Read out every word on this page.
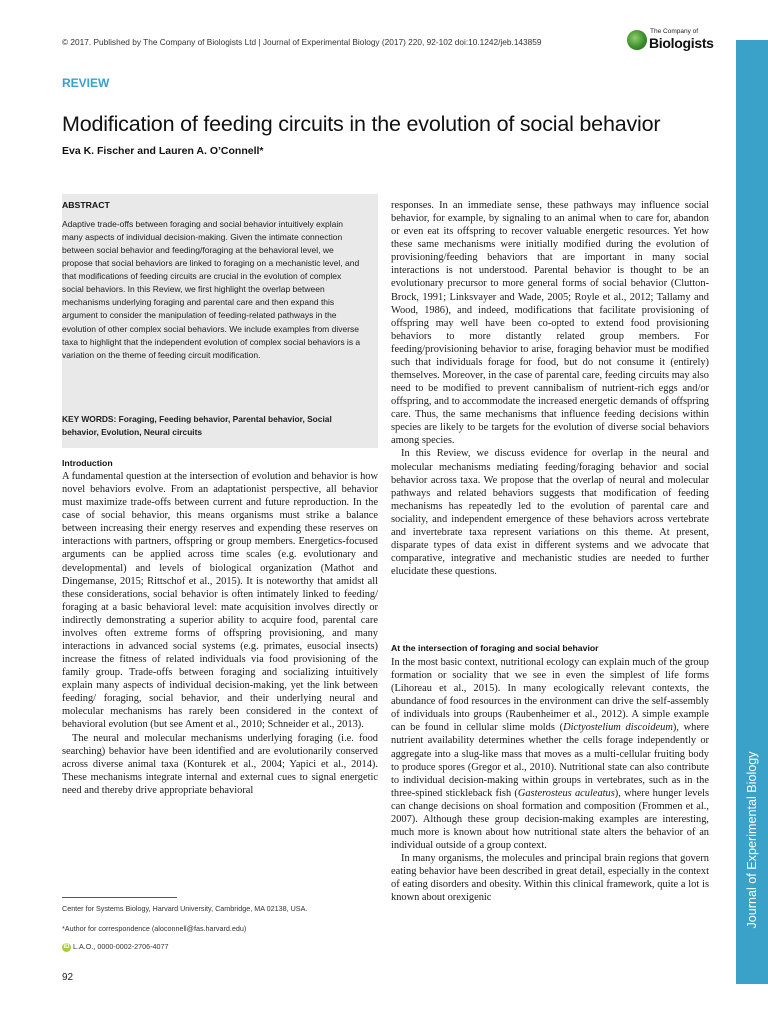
© 2017. Published by The Company of Biologists Ltd | Journal of Experimental Biology (2017) 220, 92-102 doi:10.1242/jeb.143859
The Company of
Biologists
Journal of Experimental Biology
REVIEW
Modification of feeding circuits in the evolution of social behavior
Eva K. Fischer and Lauren A. O’Connell*
ABSTRACT
Adaptive trade-offs between foraging and social behavior intuitively explain many aspects of individual decision-making. Given the intimate connection between social behavior and feeding/foraging at the behavioral level, we propose that social behaviors are linked to foraging on a mechanistic level, and that modifications of feeding circuits are crucial in the evolution of complex social behaviors. In this Review, we first highlight the overlap between mechanisms underlying foraging and parental care and then expand this argument to consider the manipulation of feeding-related pathways in the evolution of other complex social behaviors. We include examples from diverse taxa to highlight that the independent evolution of complex social behaviors is a variation on the theme of feeding circuit modification.
KEY WORDS: Foraging, Feeding behavior, Parental behavior, Social behavior, Evolution, Neural circuits
Introduction

A fundamental question at the intersection of evolution and behavior is how novel behaviors evolve. From an adaptationist perspective, all behavior must maximize trade-offs between current and future reproduction. In the case of social behavior, this means organisms must strike a balance between increasing their energy reserves and expending these reserves on interactions with partners, offspring or group members. Energetics-focused arguments can be applied across time scales (e.g. evolutionary and developmental) and levels of biological organization (Mathot and Dingemanse, 2015; Rittschof et al., 2015). It is noteworthy that amidst all these considerations, social behavior is often intimately linked to feeding/ foraging at a basic behavioral level: mate acquisition involves directly or indirectly demonstrating a superior ability to acquire food, parental care involves often extreme forms of offspring provisioning, and many interactions in advanced social systems (e.g. primates, eusocial insects) increase the fitness of related individuals via food provisioning of the family group. Trade-offs between foraging and socializing intuitively explain many aspects of individual decision-making, yet the link between feeding/ foraging, social behavior, and their underlying neural and molecular mechanisms has rarely been considered in the context of behavioral evolution (but see Ament et al., 2010; Schneider et al., 2013).

The neural and molecular mechanisms underlying foraging (i.e. food searching) behavior have been identified and are evolutionarily conserved across diverse animal taxa (Konturek et al., 2004; Yapici et al., 2014). These mechanisms integrate internal and external cues to signal energetic need and thereby drive appropriate behavioral

responses. In an immediate sense, these pathways may influence social behavior, for example, by signaling to an animal when to care for, abandon or even eat its offspring to recover valuable energetic resources. Yet how these same mechanisms were initially modified during the evolution of provisioning/feeding behaviors that are important in many social interactions is not understood. Parental behavior is thought to be an evolutionary precursor to more general forms of social behavior (Clutton-Brock, 1991; Linksvayer and Wade, 2005; Royle et al., 2012; Tallamy and Wood, 1986), and indeed, modifications that facilitate provisioning of offspring may well have been co-opted to extend food provisioning behaviors to more distantly related group members. For feeding/provisioning behavior to arise, foraging behavior must be modified such that individuals forage for food, but do not consume it (entirely) themselves. Moreover, in the case of parental care, feeding circuits may also need to be modified to prevent cannibalism of nutrient-rich eggs and/or offspring, and to accommodate the increased energetic demands of offspring care. Thus, the same mechanisms that influence feeding decisions within species are likely to be targets for the evolution of diverse social behaviors among species.

In this Review, we discuss evidence for overlap in the neural and molecular mechanisms mediating feeding/foraging behavior and social behavior across taxa. We propose that the overlap of neural and molecular pathways and related behaviors suggests that modification of feeding mechanisms has repeatedly led to the evolution of parental care and sociality, and independent emergence of these behaviors across vertebrate and invertebrate taxa represent variations on this theme. At present, disparate types of data exist in different systems and we advocate that comparative, integrative and mechanistic studies are needed to further elucidate these questions.

At the intersection of foraging and social behavior

In the most basic context, nutritional ecology can explain much of the group formation or sociality that we see in even the simplest of life forms (Lihoreau et al., 2015). In many ecologically relevant contexts, the abundance of food resources in the environment can drive the self-assembly of individuals into groups (Raubenheimer et al., 2012). A simple example can be found in cellular slime molds (Dictyostelium discoideum), where nutrient availability determines whether the cells forage independently or aggregate into a slug-like mass that moves as a multi-cellular fruiting body to produce spores (Gregor et al., 2010). Nutritional state can also contribute to individual decision-making within groups in vertebrates, such as in the three-spined stickleback fish (Gasterosteus aculeatus), where hunger levels can change decisions on shoal formation and composition (Frommen et al., 2007). Although these group decision-making examples are interesting, much more is known about how nutritional state alters the behavior of an individual outside of a group context.

In many organisms, the molecules and principal brain regions that govern eating behavior have been described in great detail, especially in the context of eating disorders and obesity. Within this clinical framework, quite a lot is known about orexigenic

Center for Systems Biology, Harvard University, Cambridge, MA 02138, USA.
*Author for correspondence (aloconnell@fas.harvard.edu)
iD L.A.O., 0000-0002-2706-4077
92
